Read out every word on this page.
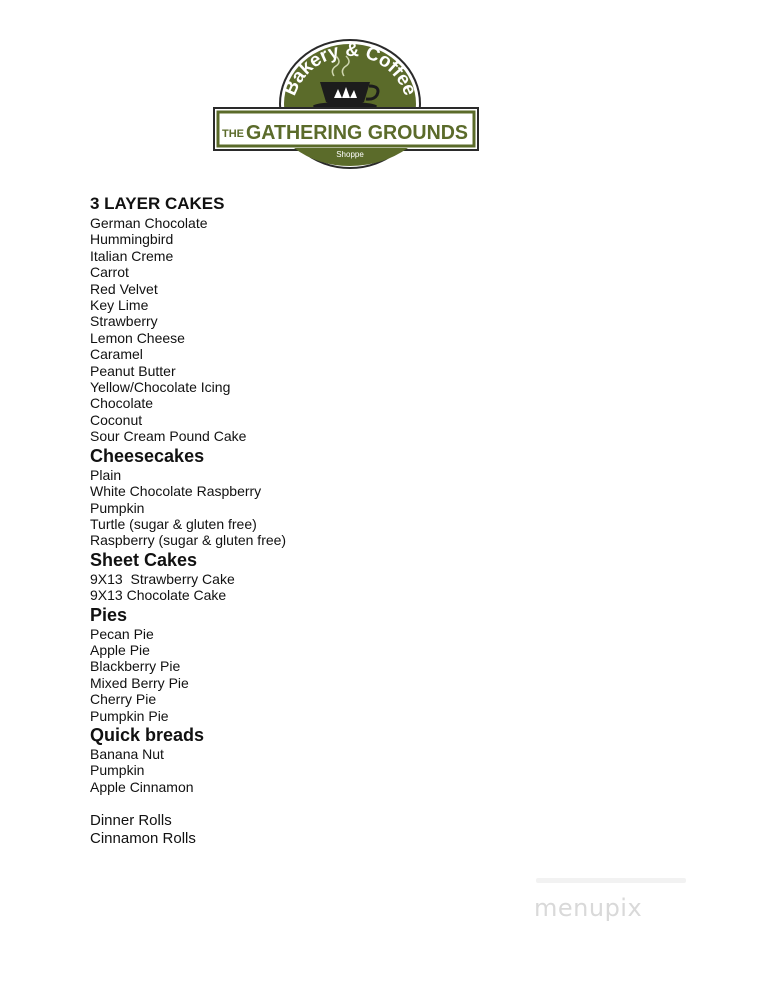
Bakery & Coffee
THE GATHERING GROUNDS
Shoppe

3 LAYER CAKES

German Chocolate

Hummingbird

Italian Creme

Carrot

Red Velvet

Key Lime

Strawberry

Lemon Cheese

Caramel

Peanut Butter

Yellow/Chocolate Icing

Chocolate

Coconut

Sour Cream Pound Cake

Cheesecakes

Plain

White Chocolate Raspberry

Pumpkin

Turtle (sugar & gluten free)

Raspberry (sugar & gluten free)

Sheet Cakes

9X13  Strawberry Cake

9X13 Chocolate Cake

Pies

Pecan Pie

Apple Pie

Blackberry Pie

Mixed Berry Pie

Cherry Pie

Pumpkin Pie

Quick breads

Banana Nut

Pumpkin

Apple Cinnamon

Dinner Rolls

Cinnamon Rolls

menupix
